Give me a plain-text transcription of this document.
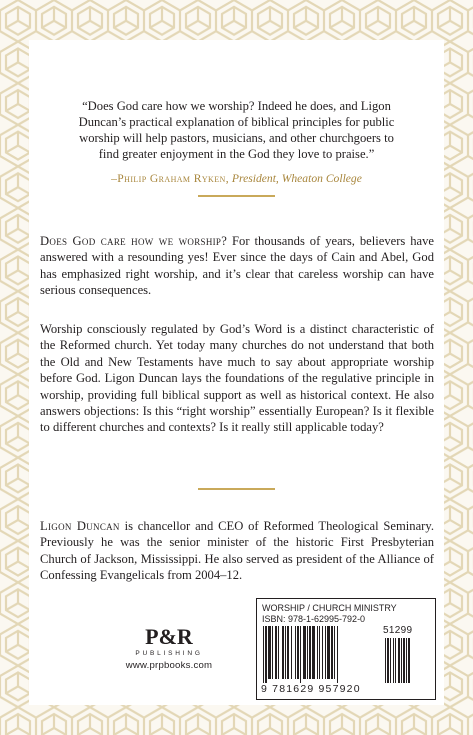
“Does God care how we worship? Indeed he does, and Ligon Duncan’s practical explanation of biblical principles for public worship will help pastors, musicians, and other churchgoers to find greater enjoyment in the God they love to praise.”
–Philip Graham Ryken, President, Wheaton College

Does God care how we worship? For thousands of years, believers have answered with a resounding yes! Ever since the days of Cain and Abel, God has emphasized right worship, and it’s clear that careless worship can have serious consequences.

Worship consciously regulated by God’s Word is a distinct characteristic of the Reformed church. Yet today many churches do not understand that both the Old and New Testaments have much to say about appropriate worship before God. Ligon Duncan lays the foundations of the regulative principle in worship, providing full biblical support as well as historical context. He also answers objections: Is this “right worship” essentially European? Is it flexible to different churches and contexts? Is it really still applicable today?

Ligon Duncan is chancellor and CEO of Reformed Theological Seminary. Previously he was the senior minister of the historic First Presbyterian Church of Jackson, Mississippi. He also served as president of the Alliance of Confessing Evangelicals from 2004–12.

P&R
PUBLISHING
www.prpbooks.com
WORSHIP / CHURCH MINISTRY
ISBN: 978-1-62995-792-0
51299
9 781629 957920
